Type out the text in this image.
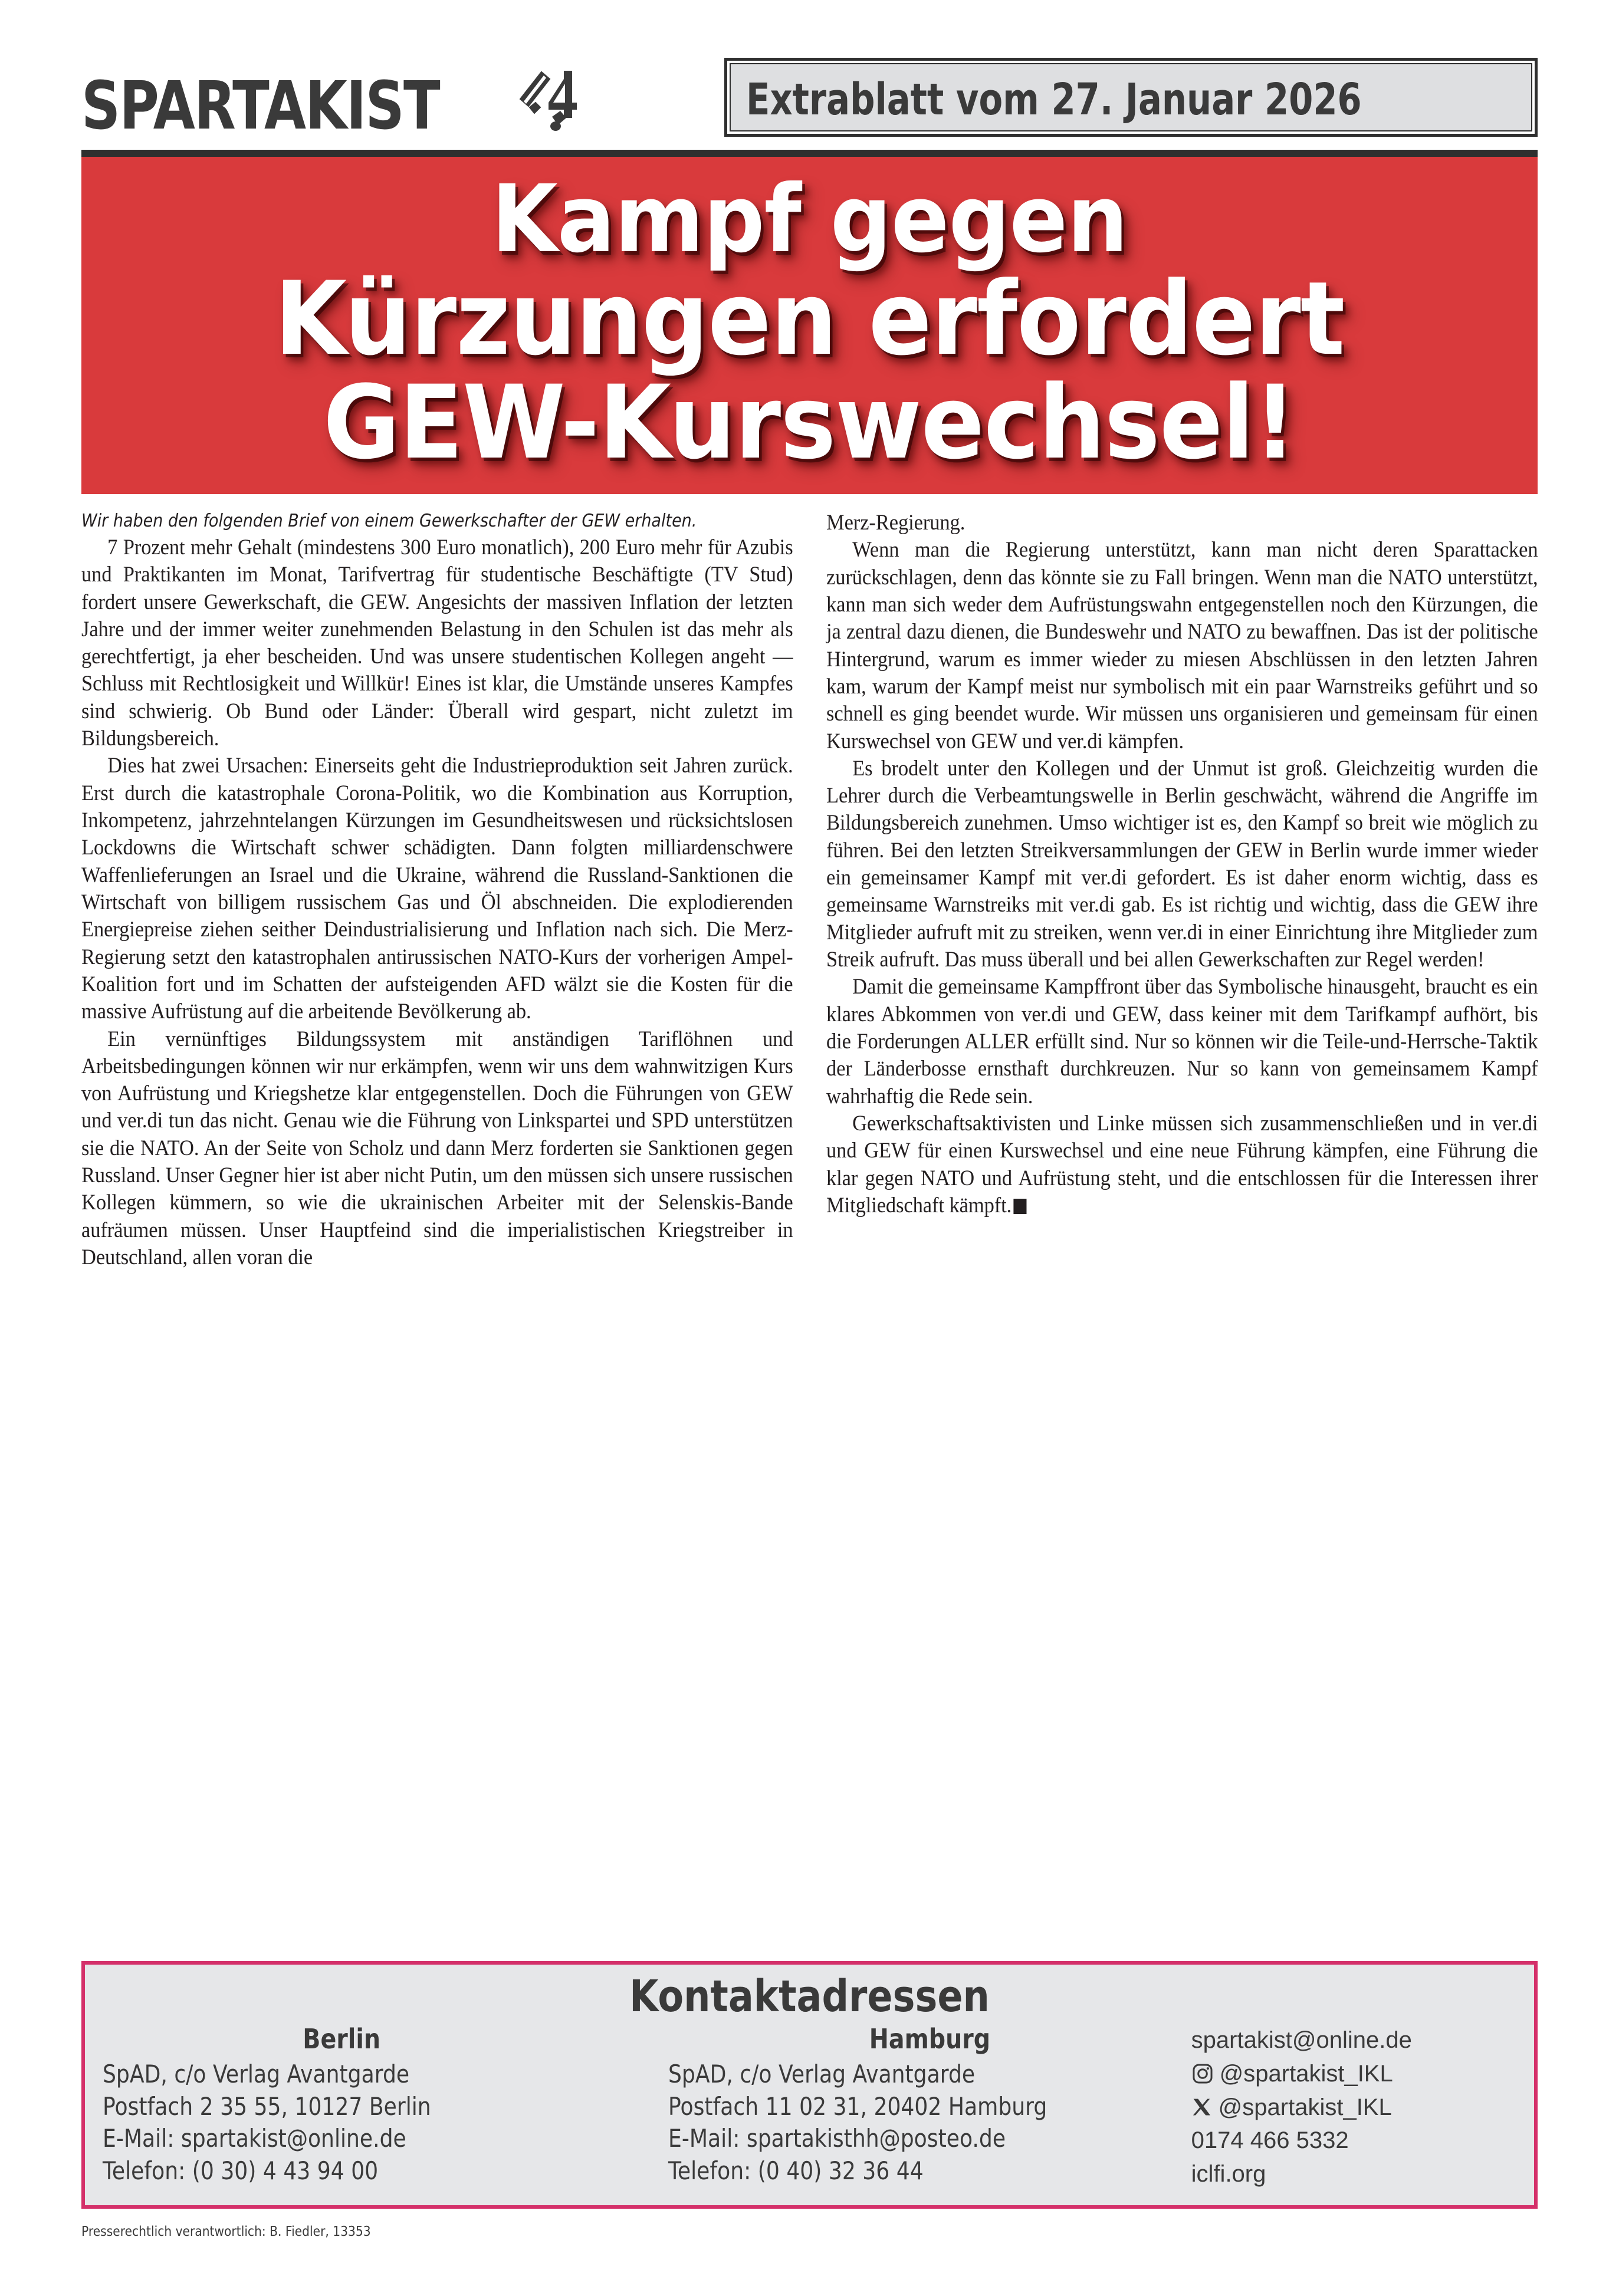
SPARTAKIST	Extrablatt vom 27. Januar 2026
Kampf gegen
Kürzungen erfordert
GEW-Kurswechsel!
Wir haben den folgenden Brief von einem Gewerkschafter der GEW erhalten.

7 Prozent mehr Gehalt (mindestens 300 Euro monatlich), 200 Euro mehr für Azubis und Praktikanten im Monat, Tarifvertrag für studentische Beschäftigte (TV Stud) fordert unsere Gewerkschaft, die GEW. Angesichts der massiven Inflation der letzten Jahre und der immer weiter zunehmenden Belastung in den Schulen ist das mehr als gerechtfertigt, ja eher bescheiden. Und was unsere studentischen Kollegen angeht — Schluss mit Rechtlosigkeit und Willkür! Eines ist klar, die Umstände unseres Kampfes sind schwierig. Ob Bund oder Länder: Überall wird gespart, nicht zuletzt im Bildungsbereich.

Dies hat zwei Ursachen: Einerseits geht die Industrieproduktion seit Jahren zurück. Erst durch die katastrophale Corona-Politik, wo die Kombination aus Korruption, Inkompetenz, jahrzehntelangen Kürzungen im Gesundheitswesen und rücksichtslosen Lockdowns die Wirtschaft schwer schädigten. Dann folgten milliardenschwere Waffenlieferungen an Israel und die Ukraine, während die Russland-Sanktionen die Wirtschaft von billigem russischem Gas und Öl abschneiden. Die explodierenden Energiepreise ziehen seither Deindustrialisierung und Inflation nach sich. Die Merz-Regierung setzt den katastrophalen antirussischen NATO-Kurs der vorherigen Ampel-Koalition fort und im Schatten der aufsteigenden AFD wälzt sie die Kosten für die massive Aufrüstung auf die arbeitende Bevölkerung ab.

Ein vernünftiges Bildungssystem mit anständigen Tariflöhnen und Arbeitsbedingungen können wir nur erkämpfen, wenn wir uns dem wahnwitzigen Kurs von Aufrüstung und Kriegshetze klar entgegenstellen. Doch die Führungen von GEW und ver.di tun das nicht. Genau wie die Führung von Linkspartei und SPD unterstützen sie die NATO. An der Seite von Scholz und dann Merz forderten sie Sanktionen gegen Russland. Unser Gegner hier ist aber nicht Putin, um den müssen sich unsere russischen Kollegen kümmern, so wie die ukrainischen Arbeiter mit der Selenskis-Bande aufräumen müssen. Unser Hauptfeind sind die imperialistischen Kriegstreiber in Deutschland, allen voran die

Merz-Regierung.

Wenn man die Regierung unterstützt, kann man nicht deren Sparattacken zurückschlagen, denn das könnte sie zu Fall bringen. Wenn man die NATO unterstützt, kann man sich weder dem Aufrüstungswahn entgegenstellen noch den Kürzungen, die ja zentral dazu dienen, die Bundeswehr und NATO zu bewaffnen. Das ist der politische Hintergrund, warum es immer wieder zu miesen Abschlüssen in den letzten Jahren kam, warum der Kampf meist nur symbolisch mit ein paar Warnstreiks geführt und so schnell es ging beendet wurde. Wir müssen uns organisieren und gemeinsam für einen Kurswechsel von GEW und ver.di kämpfen.

Es brodelt unter den Kollegen und der Unmut ist groß. Gleichzeitig wurden die Lehrer durch die Verbeamtungswelle in Berlin geschwächt, während die Angriffe im Bildungsbereich zunehmen. Umso wichtiger ist es, den Kampf so breit wie möglich zu führen. Bei den letzten Streikversammlungen der GEW in Berlin wurde immer wieder ein gemeinsamer Kampf mit ver.di gefordert. Es ist daher enorm wichtig, dass es gemeinsame Warnstreiks mit ver.di gab. Es ist richtig und wichtig, dass die GEW ihre Mitglieder aufruft mit zu streiken, wenn ver.di in einer Einrichtung ihre Mitglieder zum Streik aufruft. Das muss überall und bei allen Gewerkschaften zur Regel werden!

Damit die gemeinsame Kampffront über das Symbolische hinausgeht, braucht es ein klares Abkommen von ver.di und GEW, dass keiner mit dem Tarifkampf aufhört, bis die Forderungen ALLER erfüllt sind. Nur so können wir die Teile-und-Herrsche-Taktik der Länderbosse ernsthaft durchkreuzen. Nur so kann von gemeinsamem Kampf wahrhaftig die Rede sein.

Gewerkschaftsaktivisten und Linke müssen sich zusammenschließen und in ver.di und GEW für einen Kurswechsel und eine neue Führung kämpfen, eine Führung die klar gegen NATO und Aufrüstung steht, und die entschlossen für die Interessen ihrer Mitgliedschaft kämpft.

Kontaktadressen
Berlin
SpAD, c/o Verlag Avantgarde
Postfach 2 35 55, 10127 Berlin
E-Mail: spartakist@online.de
Telefon: (0 30) 4 43 94 00
Hamburg
SpAD, c/o Verlag Avantgarde
Postfach 11 02 31, 20402 Hamburg
E-Mail: spartakisthh@posteo.de
Telefon: (0 40) 32 36 44
spartakist@online.de
@spartakist_IKL
@spartakist_IKL
0174 466 5332
iclfi.org
Presserechtlich verantwortlich: B. Fiedler, 13353
